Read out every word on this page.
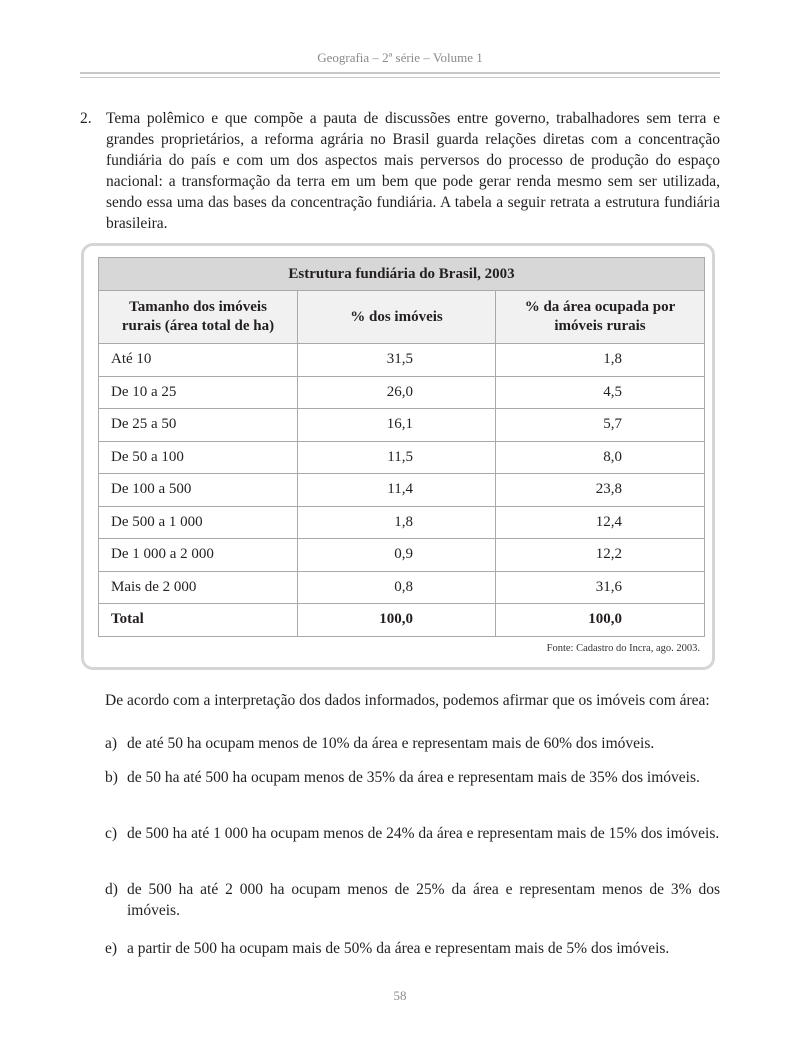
Geografia – 2ª série – Volume 1
2. Tema polêmico e que compõe a pauta de discussões entre governo, trabalhadores sem terra e grandes proprietários, a reforma agrária no Brasil guarda relações diretas com a concentração fundiária do país e com um dos aspectos mais perversos do processo de produção do espaço nacional: a transformação da terra em um bem que pode gerar renda mesmo sem ser utilizada, sendo essa uma das bases da concentração fundiária. A tabela a seguir retrata a estrutura fundiária brasileira.
Estrutura fundiária do Brasil, 2003		
Tamanho dos imóveis rurais (área total de ha)	% dos imóveis	% da área ocupada por imóveis rurais
Até 10	31,5	1,8
De 10 a 25	26,0	4,5
De 25 a 50	16,1	5,7
De 50 a 100	11,5	8,0
De 100 a 500	11,4	23,8
De 500 a 1 000	1,8	12,4
De 1 000 a 2 000	0,9	12,2
Mais de 2 000	0,8	31,6
Total	100,0	100,0
Fonte: Cadastro do Incra, ago. 2003.
De acordo com a interpretação dos dados informados, podemos afirmar que os imóveis com área:
a) de até 50 ha ocupam menos de 10% da área e representam mais de 60% dos imóveis.
b) de 50 ha até 500 ha ocupam menos de 35% da área e representam mais de 35% dos imóveis.
c) de 500 ha até 1 000 ha ocupam menos de 24% da área e representam mais de 15% dos imóveis.
d) de 500 ha até 2 000 ha ocupam menos de 25% da área e representam menos de 3% dos imóveis.
e) a partir de 500 ha ocupam mais de 50% da área e representam mais de 5% dos imóveis.
58
